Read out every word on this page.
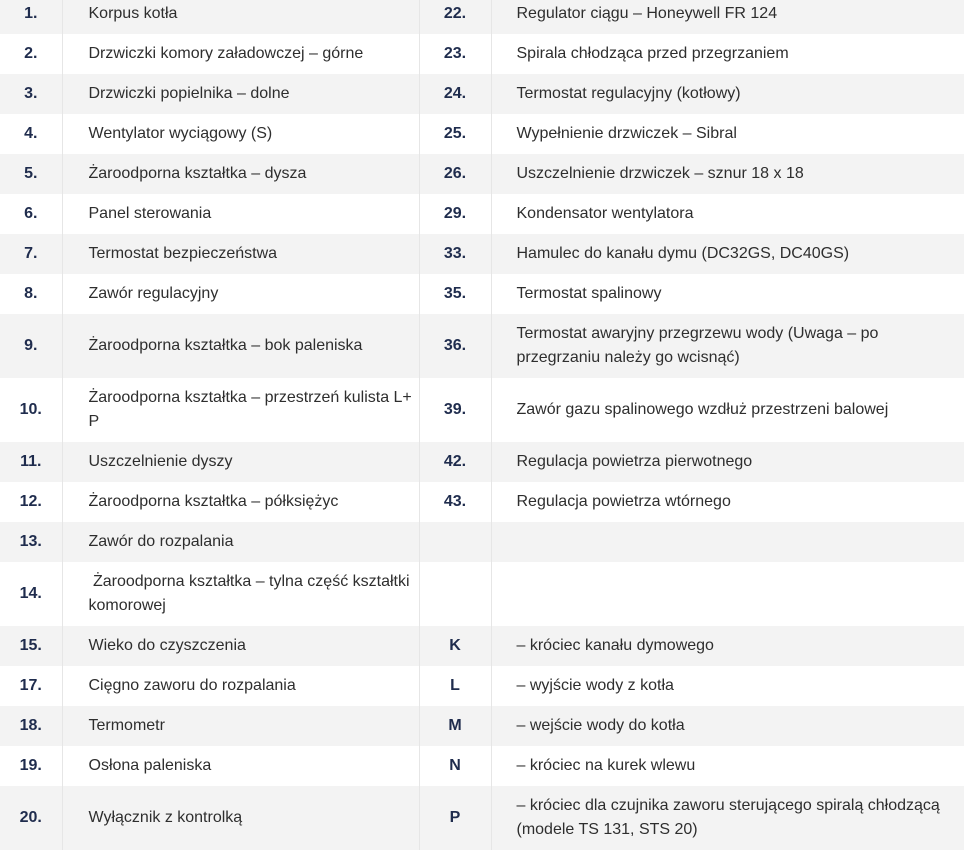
1.	Korpus kotła	22.	Regulator ciągu – Honeywell FR 124
2.	Drzwiczki komory załadowczej – górne	23.	Spirala chłodząca przed przegrzaniem
3.	Drzwiczki popielnika – dolne	24.	Termostat regulacyjny (kotłowy)
4.	Wentylator wyciągowy (S)	25.	Wypełnienie drzwiczek – Sibral
5.	Żaroodporna kształtka – dysza	26.	Uszczelnienie drzwiczek – sznur 18 x 18
6.	Panel sterowania	29.	Kondensator wentylatora
7.	Termostat bezpieczeństwa	33.	Hamulec do kanału dymu (DC32GS, DC40GS)
8.	Zawór regulacyjny	35.	Termostat spalinowy
9.	Żaroodporna kształtka – bok paleniska	36.	Termostat awaryjny przegrzewu wody (Uwaga – po przegrzaniu należy go wcisnąć)
10.	Żaroodporna kształtka – przestrzeń kulista L+ P	39.	Zawór gazu spalinowego wzdłuż przestrzeni balowej
11.	Uszczelnienie dyszy	42.	Regulacja powietrza pierwotnego
12.	Żaroodporna kształtka – półksiężyc	43.	Regulacja powietrza wtórnego
13.	Zawór do rozpalania		
14.	Żaroodporna kształtka – tylna część kształtki komorowej		
15.	Wieko do czyszczenia	K	– króciec kanału dymowego
17.	Cięgno zaworu do rozpalania	L	– wyjście wody z kotła
18.	Termometr	M	– wejście wody do kotła
19.	Osłona paleniska	N	– króciec na kurek wlewu
20.	Wyłącznik z kontrolką	P	– króciec dla czujnika zaworu sterującego spiralą chłodzącą (modele TS 131, STS 20)
